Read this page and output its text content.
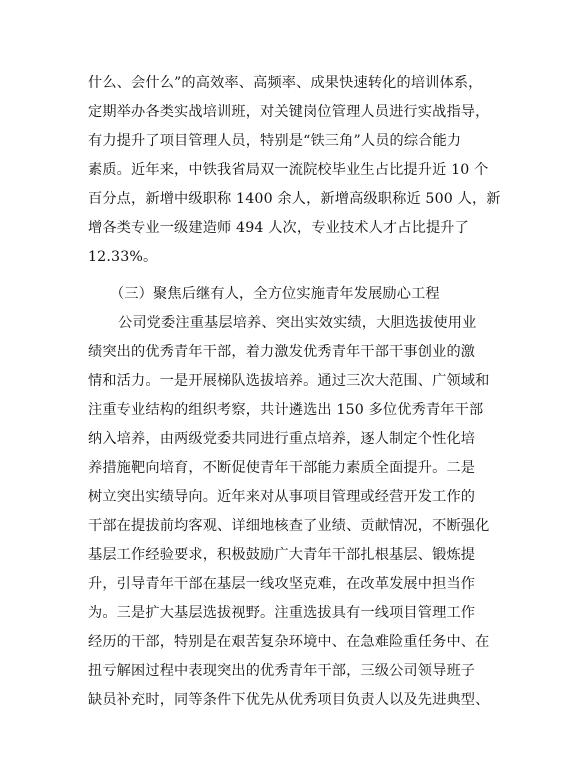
什么、会什么”的高效率、高频率、成果快速转化的培训体系，
定期举办各类实战培训班，对关键岗位管理人员进行实战指导，
有力提升了项目管理人员，特别是“铁三角”人员的综合能力
素质。近年来，中铁我省局双一流院校毕业生占比提升近 10 个
百分点，新增中级职称 1400 余人，新增高级职称近 500 人，新
增各类专业一级建造师 494 人次，专业技术人才占比提升了
12.33%。
（三）聚焦后继有人，全方位实施青年发展励心工程
公司党委注重基层培养、突出实效实绩，大胆选拔使用业
绩突出的优秀青年干部，着力激发优秀青年干部干事创业的激
情和活力。一是开展梯队选拔培养。通过三次大范围、广领域和
注重专业结构的组织考察，共计遴选出 150 多位优秀青年干部
纳入培养，由两级党委共同进行重点培养，逐人制定个性化培
养措施靶向培育，不断促使青年干部能力素质全面提升。二是
树立突出实绩导向。近年来对从事项目管理或经营开发工作的
干部在提拔前均客观、详细地核查了业绩、贡献情况，不断强化
基层工作经验要求，积极鼓励广大青年干部扎根基层、锻炼提
升，引导青年干部在基层一线攻坚克难，在改革发展中担当作
为。三是扩大基层选拔视野。注重选拔具有一线项目管理工作
经历的干部，特别是在艰苦复杂环境中、在急难险重任务中、在
扭亏解困过程中表现突出的优秀青年干部，三级公司领导班子
缺员补充时，同等条件下优先从优秀项目负责人以及先进典型、
